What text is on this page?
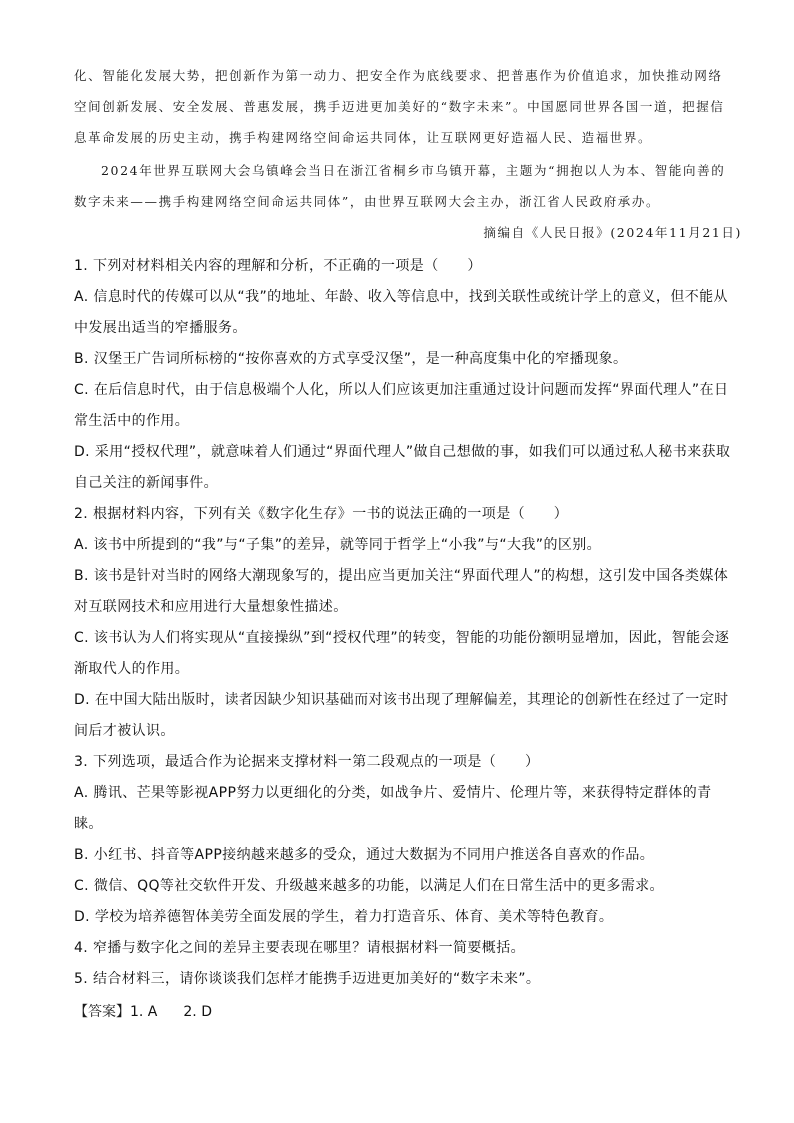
化、智能化发展大势，把创新作为第一动力、把安全作为底线要求、把普惠作为价值追求，加快推动网络空间创新发展、安全发展、普惠发展，携手迈进更加美好的“数字未来”。中国愿同世界各国一道，把握信息革命发展的历史主动，携手构建网络空间命运共同体，让互联网更好造福人民、造福世界。
2024年世界互联网大会乌镇峰会当日在浙江省桐乡市乌镇开幕，主题为“拥抱以人为本、智能向善的数字未来——携手构建网络空间命运共同体”，由世界互联网大会主办，浙江省人民政府承办。
摘编自《人民日报》(2024年11月21日)
1. 下列对材料相关内容的理解和分析，不正确的一项是（　　）
A. 信息时代的传媒可以从“我”的地址、年龄、收入等信息中，找到关联性或统计学上的意义，但不能从中发展出适当的窄播服务。
B. 汉堡王广告词所标榜的“按你喜欢的方式享受汉堡”，是一种高度集中化的窄播现象。
C. 在后信息时代，由于信息极端个人化，所以人们应该更加注重通过设计问题而发挥“界面代理人”在日常生活中的作用。
D. 采用“授权代理”，就意味着人们通过“界面代理人”做自己想做的事，如我们可以通过私人秘书来获取自己关注的新闻事件。
2. 根据材料内容，下列有关《数字化生存》一书的说法正确的一项是（　　）
A. 该书中所提到的“我”与“子集”的差异，就等同于哲学上“小我”与“大我”的区别。
B. 该书是针对当时的网络大潮现象写的，提出应当更加关注“界面代理人”的构想，这引发中国各类媒体对互联网技术和应用进行大量想象性描述。
C. 该书认为人们将实现从“直接操纵”到“授权代理”的转变，智能的功能份额明显增加，因此，智能会逐渐取代人的作用。
D. 在中国大陆出版时，读者因缺少知识基础而对该书出现了理解偏差，其理论的创新性在经过了一定时间后才被认识。
3. 下列选项，最适合作为论据来支撑材料一第二段观点的一项是（　　）
A. 腾讯、芒果等影视APP努力以更细化的分类，如战争片、爱情片、伦理片等，来获得特定群体的青睐。
B. 小红书、抖音等APP接纳越来越多的受众，通过大数据为不同用户推送各自喜欢的作品。
C. 微信、QQ等社交软件开发、升级越来越多的功能，以满足人们在日常生活中的更多需求。
D. 学校为培养德智体美劳全面发展的学生，着力打造音乐、体育、美术等特色教育。
4. 窄播与数字化之间的差异主要表现在哪里？请根据材料一简要概括。
5. 结合材料三，请你谈谈我们怎样才能携手迈进更加美好的“数字未来”。
【答案】1. A 2. D
